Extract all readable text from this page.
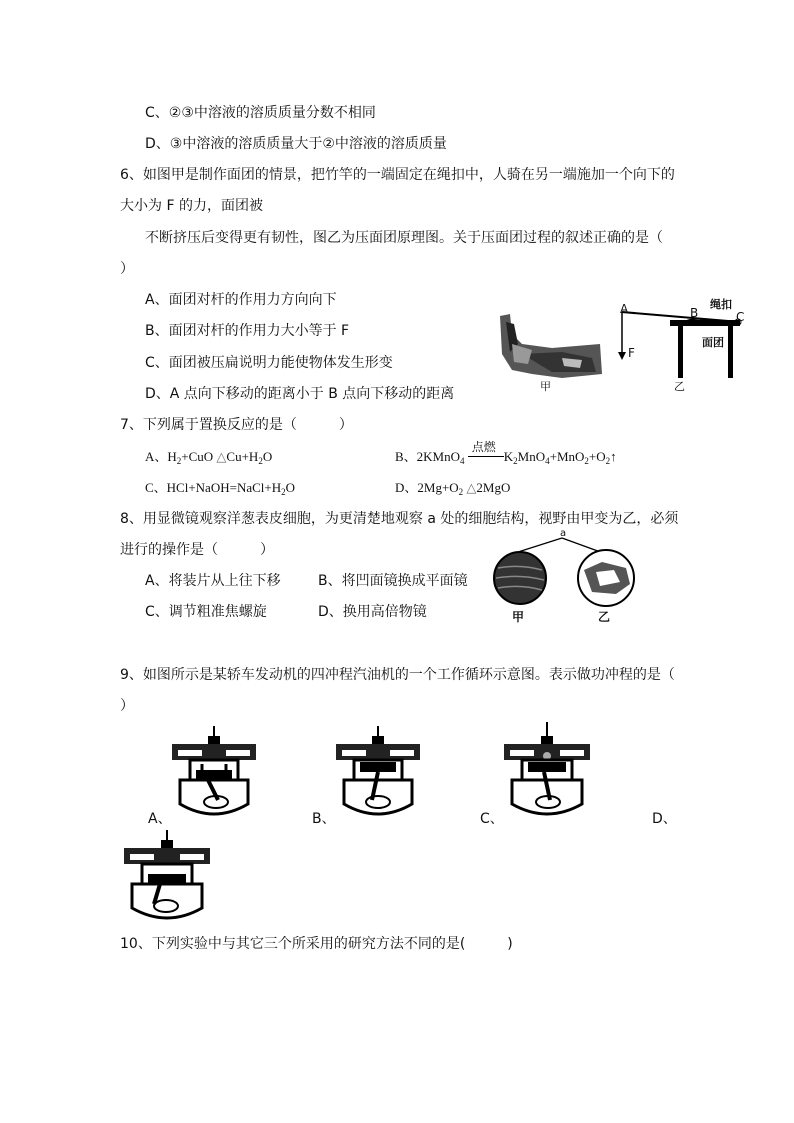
C、②③中溶液的溶质质量分数不相同
D、③中溶液的溶质质量大于②中溶液的溶质质量
6、如图甲是制作面团的情景，把竹竿的一端固定在绳扣中，人骑在另一端施加一个向下的
大小为 F 的力，面团被
不断挤压后变得更有韧性，图乙为压面团原理图。关于压面团过程的叙述正确的是（
）
A、面团对杆的作用力方向向下
B、面团对杆的作用力大小等于 F
C、面团被压扁说明力能使物体发生形变
D、A 点向下移动的距离小于 B 点向下移动的距离	甲
A	B	C
F
绳扣
面团
乙
7、下列属于置换反应的是（　　　）
A、$H_2+CuO$ $\triangle Cu+H_2O$	B、2KMnO$_4$
点燃
$K_2MnO_4+MnO_2+O_2↑$
C、$HCl+NaOH=NaCl+H_2O$	D、$2Mg+O_2$ △2MgO
8、用显微镜观察洋葱表皮细胞，为更清楚地观察 a 处的细胞结构，视野由甲变为乙，必须
进行的操作是（　　　）
A、将装片从上往下移	B、将凹面镜换成平面镜
C、调节粗准焦螺旋	D、换用高倍物镜
a
甲	乙
9、如图所示是某轿车发动机的四冲程汽油机的一个工作循环示意图。表示做功冲程的是（
）
A、	B、	C、	D、
10、下列实验中与其它三个所采用的研究方法不同的是(　　　)
